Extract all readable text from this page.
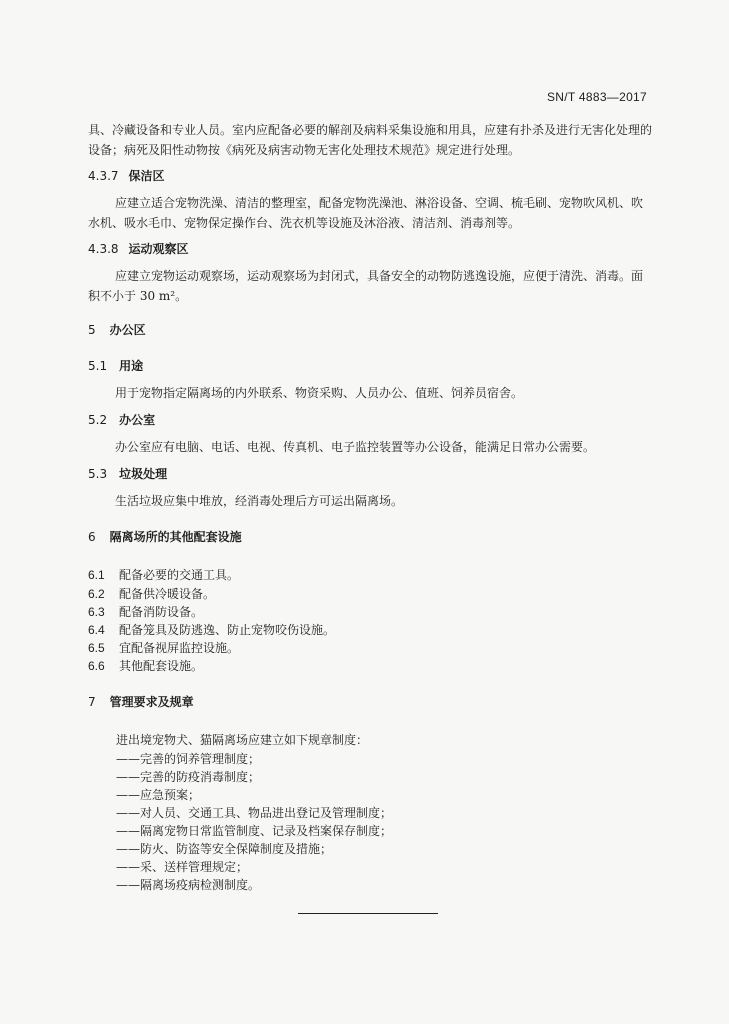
SN/T 4883—2017
具、冷藏设备和专业人员。室内应配备必要的解剖及病料采集设施和用具，应建有扑杀及进行无害化处理的设备；病死及阳性动物按《病死及病害动物无害化处理技术规范》规定进行处理。
4.3.7 保洁区
应建立适合宠物洗澡、清洁的整理室，配备宠物洗澡池、淋浴设备、空调、梳毛刷、宠物吹风机、吹水机、吸水毛巾、宠物保定操作台、洗衣机等设施及沐浴液、清洁剂、消毒剂等。
4.3.8 运动观察区
应建立宠物运动观察场，运动观察场为封闭式，具备安全的动物防逃逸设施，应便于清洗、消毒。面积不小于 30 m²。
5 办公区
5.1 用途
用于宠物指定隔离场的内外联系、物资采购、人员办公、值班、饲养员宿舍。
5.2 办公室
办公室应有电脑、电话、电视、传真机、电子监控装置等办公设备，能满足日常办公需要。
5.3 垃圾处理
生活垃圾应集中堆放，经消毒处理后方可运出隔离场。
6 隔离场所的其他配套设施
6.1 配备必要的交通工具。
6.2 配备供冷暖设备。
6.3 配备消防设备。
6.4 配备笼具及防逃逸、防止宠物咬伤设施。
6.5 宜配备视屏监控设施。
6.6 其他配套设施。
7 管理要求及规章
进出境宠物犬、猫隔离场应建立如下规章制度：
——完善的饲养管理制度；
——完善的防疫消毒制度；
——应急预案；
——对人员、交通工具、物品进出登记及管理制度；
——隔离宠物日常监管制度、记录及档案保存制度；
——防火、防盗等安全保障制度及措施；
——采、送样管理规定；
——隔离场疫病检测制度。
